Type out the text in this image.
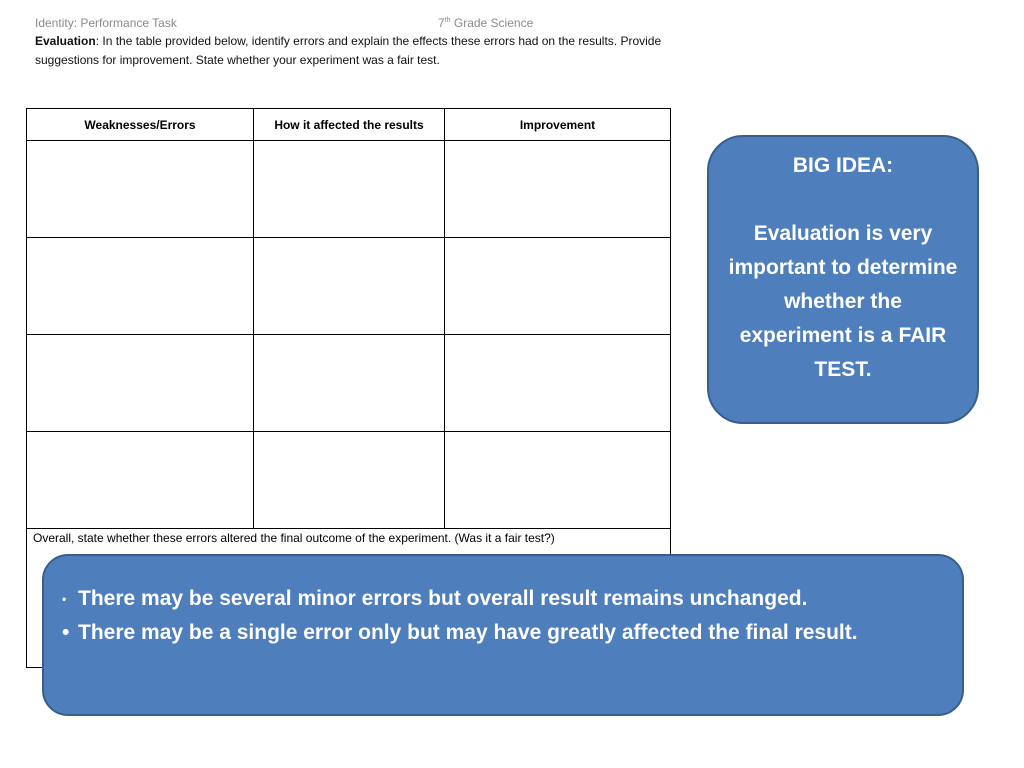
Identity: Performance Task	7th Grade Science
Evaluation: In the table provided below, identify errors and explain the effects these errors had on the results. Provide suggestions for improvement. State whether your experiment was a fair test.
Weaknesses/Errors	How it affected the results	Improvement

Overall, state whether these errors altered the final outcome of the experiment. (Was it a fair test?)		
BIG IDEA:
Evaluation is very important to determine whether the experiment is a FAIR TEST.
• There may be several minor errors but overall result remains unchanged.
• There may be a single error only but may have greatly affected the final result.
